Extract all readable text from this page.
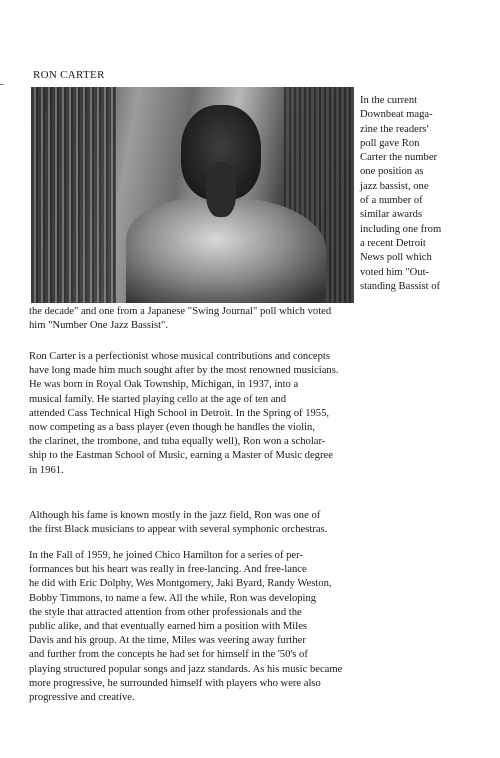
RON CARTER
In the current
Downbeat maga-
zine the readers'
poll gave Ron
Carter the number
one position as
jazz bassist, one
of a number of
similar awards
including one from
a recent Detroit
News poll which
voted him "Out-
standing Bassist of
the decade" and one from a Japanese "Swing Journal" poll which voted
him "Number One Jazz Bassist".
Ron Carter is a perfectionist whose musical contributions and concepts
have long made him much sought after by the most renowned musicians.
He was born in Royal Oak Township, Michigan, in 1937, into a
musical family. He started playing cello at the age of ten and
attended Cass Technical High School in Detroit. In the Spring of 1955,
now competing as a bass player (even though he handles the violin,
the clarinet, the trombone, and tuba equally well), Ron won a scholar-
ship to the Eastman School of Music, earning a Master of Music degree
in 1961.
Although his fame is known mostly in the jazz field, Ron was one of
the first Black musicians to appear with several symphonic orchestras.
In the Fall of 1959, he joined Chico Hamilton for a series of per-
formances but his heart was really in free-lancing. And free-lance
he did with Eric Dolphy, Wes Montgomery, Jaki Byard, Randy Weston,
Bobby Timmons, to name a few. All the while, Ron was developing
the style that attracted attention from other professionals and the
public alike, and that eventually earned him a position with Miles
Davis and his group. At the time, Miles was veering away further
and further from the concepts he had set for himself in the '50's of
playing structured popular songs and jazz standards. As his music became
more progressive, he surrounded himself with players who were also
progressive and creative.
